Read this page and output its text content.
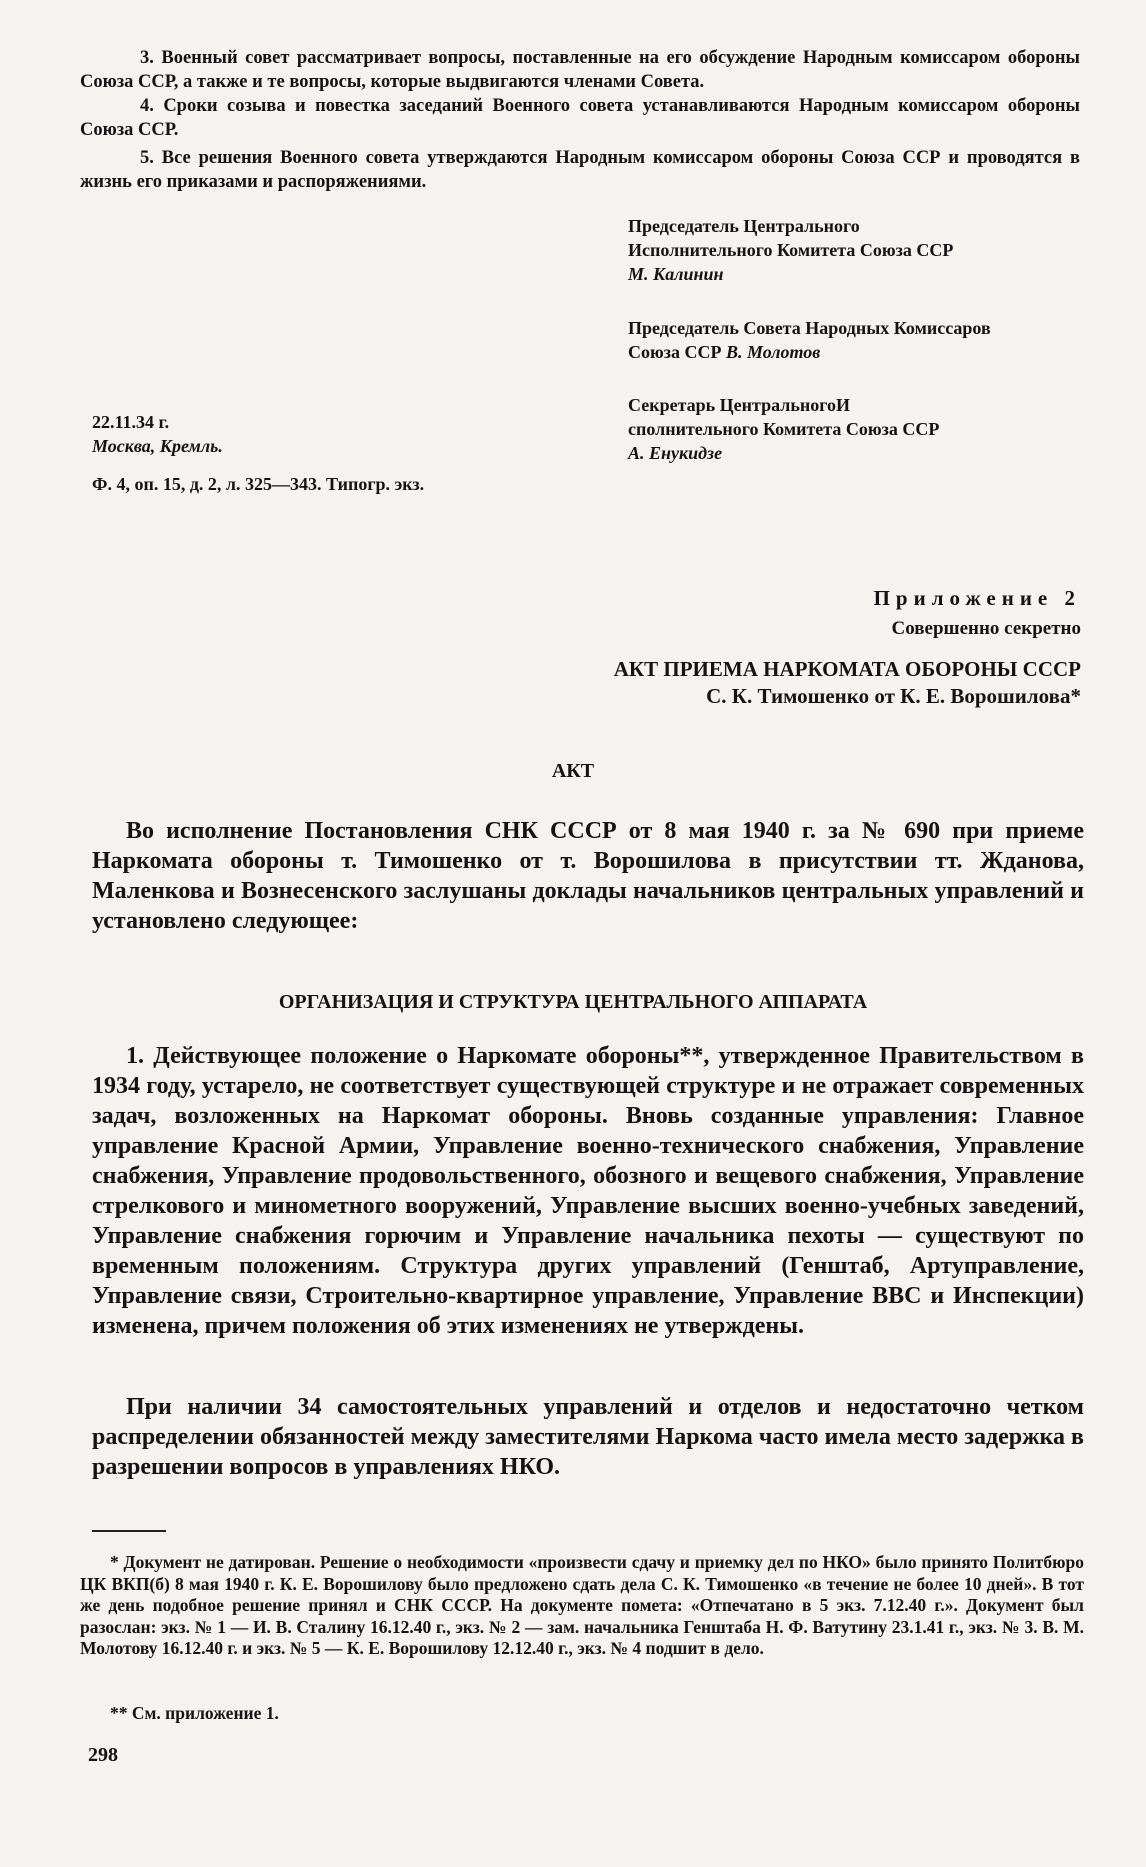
3. Военный совет рассматривает вопросы, поставленные на его обсуждение Народным комиссаром обороны Союза ССР, а также и те вопросы, которые выдвигаются членами Совета.
4. Сроки созыва и повестка заседаний Военного совета устанавливаются Народным комиссаром обороны Союза ССР.
5. Все решения Военного совета утверждаются Народным комиссаром обороны Союза ССР и проводятся в жизнь его приказами и распоряжениями.
Председатель Центрального
Исполнительного Комитета Союза ССР
М. Калинин
Председатель Совета Народных Комиссаров
Союза ССР В. Молотов
Секретарь ЦентральногоИ
сполнительного Комитета Союза ССР
А. Енукидзе
22.11.34 г.
Москва, Кремль.
Ф. 4, оп. 15, д. 2, л. 325—343. Типогр. экз.
Приложение 2
Совершенно секретно
АКТ ПРИЕМА НАРКОМАТА ОБОРОНЫ СССР
С. К. Тимошенко от К. Е. Ворошилова*
АКТ
Во исполнение Постановления СНК СССР от 8 мая 1940 г. за № 690 при приеме Наркомата обороны т. Тимошенко от т. Ворошилова в присутствии тт. Жданова, Маленкова и Вознесенского заслушаны доклады начальников центральных управлений и установлено следующее:
ОРГАНИЗАЦИЯ И СТРУКТУРА ЦЕНТРАЛЬНОГО АППАРАТА
1. Действующее положение о Наркомате обороны**, утвержденное Правительством в 1934 году, устарело, не соответствует существующей структуре и не отражает современных задач, возложенных на Наркомат обороны. Вновь созданные управления: Главное управление Красной Армии, Управление военно-технического снабжения, Управление снабжения, Управление продовольственного, обозного и вещевого снабжения, Управление стрелкового и минометного вооружений, Управление высших военно-учебных заведений, Управление снабжения горючим и Управление начальника пехоты — существуют по временным положениям. Структура других управлений (Генштаб, Артуправление, Управление связи, Строительно-квартирное управление, Управление ВВС и Инспекции) изменена, причем положения об этих изменениях не утверждены.
При наличии 34 самостоятельных управлений и отделов и недостаточно четком распределении обязанностей между заместителями Наркома часто имела место задержка в разрешении вопросов в управлениях НКО.
* Документ не датирован. Решение о необходимости «произвести сдачу и приемку дел по НКО» было принято Политбюро ЦК ВКП(б) 8 мая 1940 г. К. Е. Ворошилову было предложено сдать дела С. К. Тимошенко «в течение не более 10 дней». В тот же день подобное решение принял и СНК СССР. На документе помета: «Отпечатано в 5 экз. 7.12.40 г.». Документ был разослан: экз. № 1 — И. В. Сталину 16.12.40 г., экз. № 2 — зам. начальника Генштаба Н. Ф. Ватутину 23.1.41 г., экз. № 3. В. М. Молотову 16.12.40 г. и экз. № 5 — К. Е. Ворошилову 12.12.40 г., экз. № 4 подшит в дело.
** См. приложение 1.
298
